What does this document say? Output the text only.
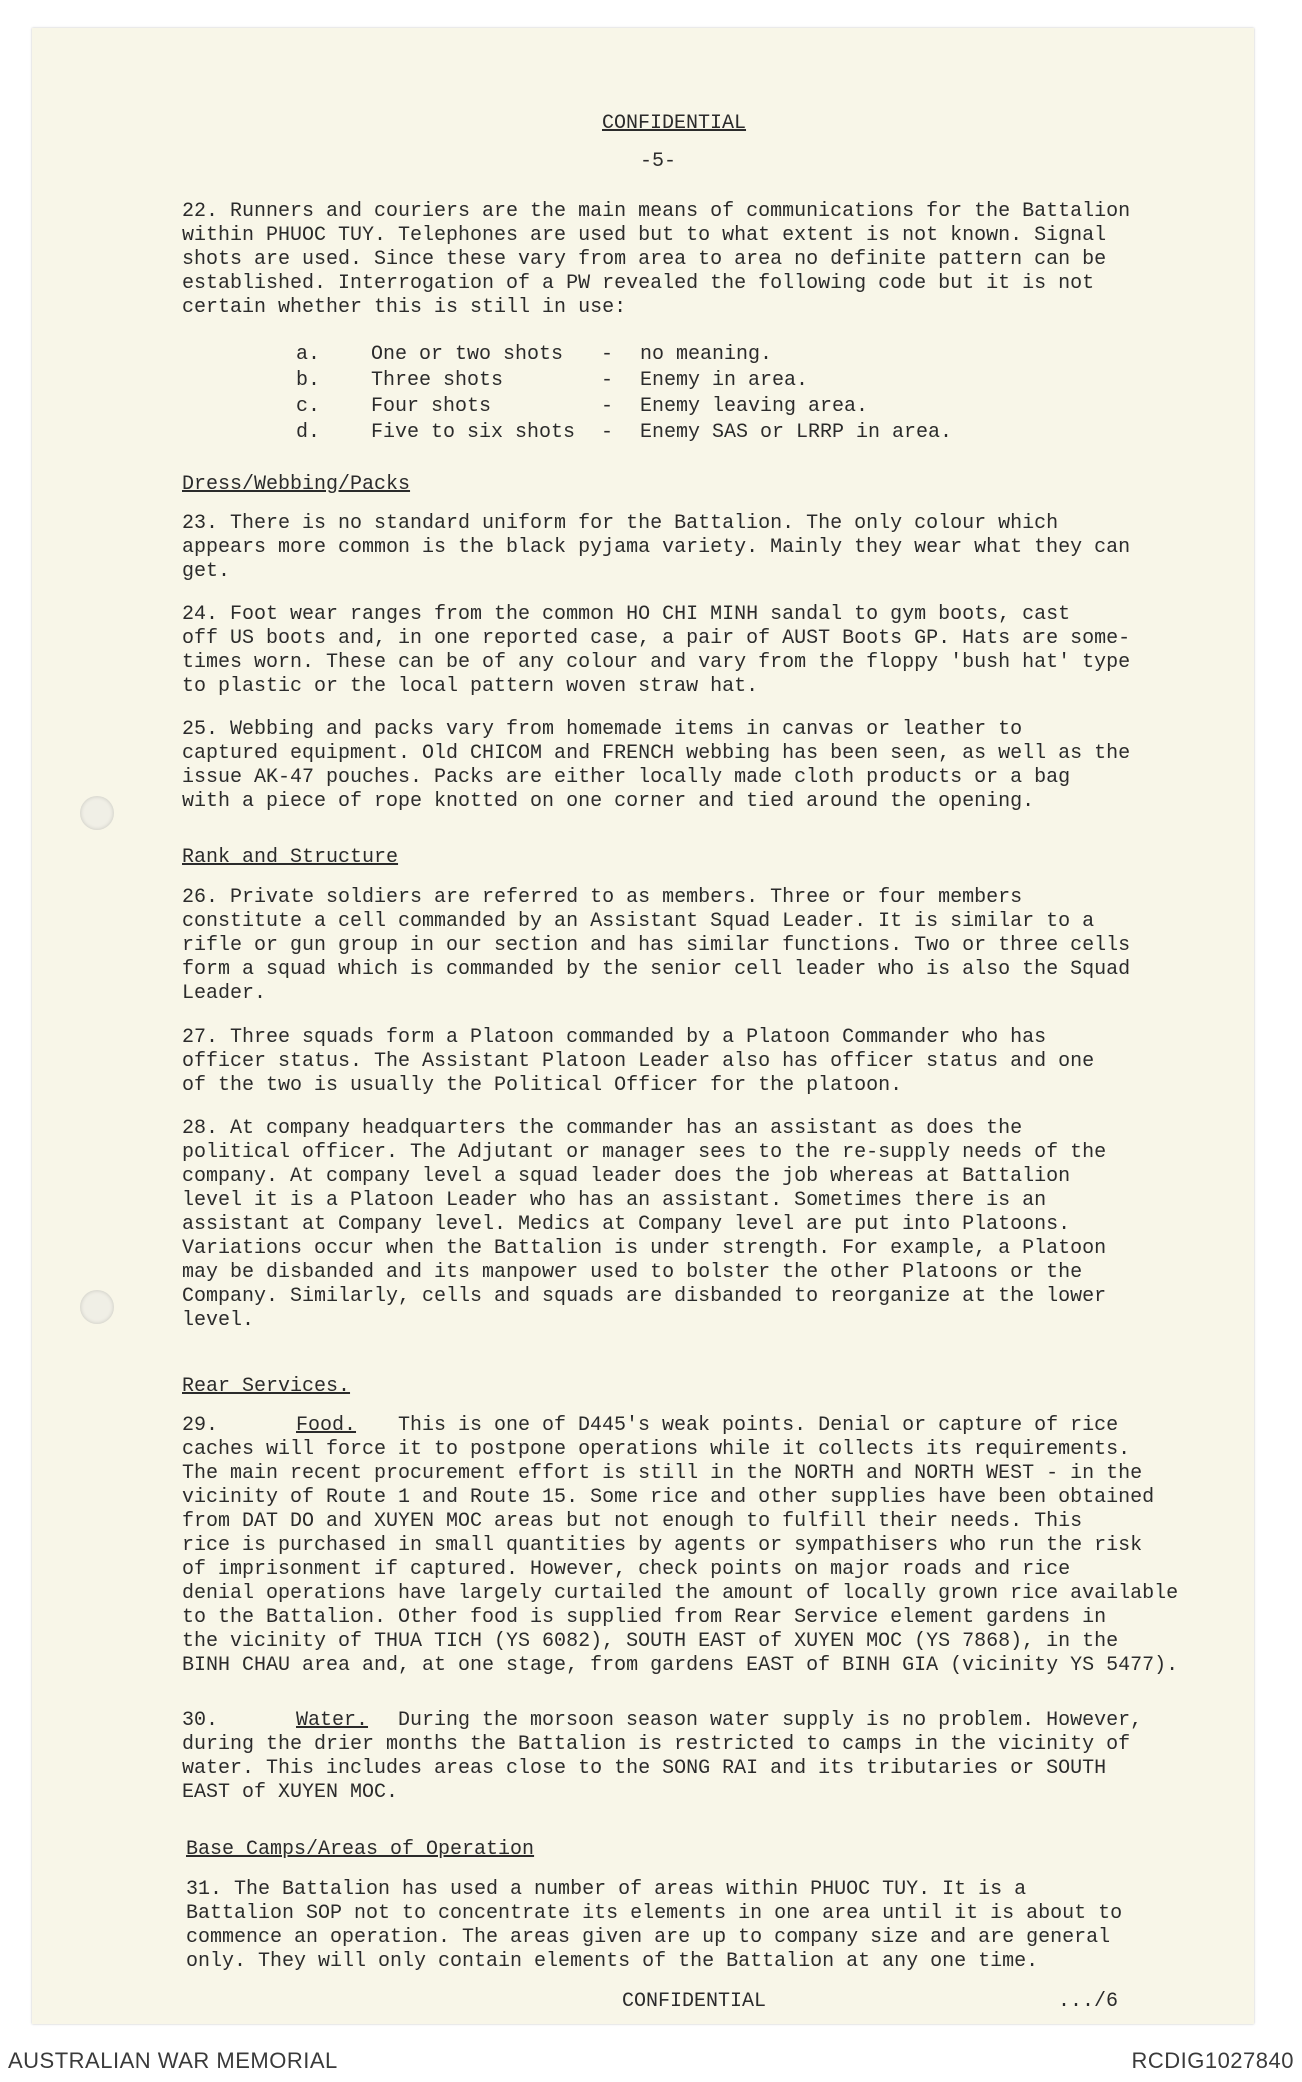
CONFIDENTIAL
-5-

22. Runners and couriers are the main means of communications for the Battalion
within PHUOC TUY. Telephones are used but to what extent is not known. Signal
shots are used. Since these vary from area to area no definite pattern can be
established. Interrogation of a PW revealed the following code but it is not
certain whether this is still in use:

a.	One or two shots - no meaning.
b.	Three shots	- Enemy in area.
c.	Four shots	- Enemy leaving area.
d.	Five to six shots - Enemy SAS or LRRP in area.
Dress/Webbing/Packs

23. There is no standard uniform for the Battalion. The only colour which
appears more common is the black pyjama variety. Mainly they wear what they can
get.

24. Foot wear ranges from the common HO CHI MINH sandal to gym boots, cast
off US boots and, in one reported case, a pair of AUST Boots GP. Hats are some-
times worn. These can be of any colour and vary from the floppy 'bush hat' type
to plastic or the local pattern woven straw hat.

25. Webbing and packs vary from homemade items in canvas or leather to
captured equipment. Old CHICOM and FRENCH webbing has been seen, as well as the
issue AK-47 pouches. Packs are either locally made cloth products or a bag
with a piece of rope knotted on one corner and tied around the opening.

Rank and Structure

26. Private soldiers are referred to as members. Three or four members
constitute a cell commanded by an Assistant Squad Leader. It is similar to a
rifle or gun group in our section and has similar functions. Two or three cells
form a squad which is commanded by the senior cell leader who is also the Squad
Leader.

27. Three squads form a Platoon commanded by a Platoon Commander who has
officer status. The Assistant Platoon Leader also has officer status and one
of the two is usually the Political Officer for the platoon.

28. At company headquarters the commander has an assistant as does the
political officer. The Adjutant or manager sees to the re-supply needs of the
company. At company level a squad leader does the job whereas at Battalion
level it is a Platoon Leader who has an assistant. Sometimes there is an
assistant at Company level. Medics at Company level are put into Platoons.
Variations occur when the Battalion is under strength. For example, a Platoon
may be disbanded and its manpower used to bolster the other Platoons or the
Company. Similarly, cells and squads are disbanded to reorganize at the lower
level.

Rear Services.
29.	Food.	This is one of D445's weak points. Denial or capture of rice
caches will force it to postpone operations while it collects its requirements.
The main recent procurement effort is still in the NORTH and NORTH WEST - in the
vicinity of Route 1 and Route 15. Some rice and other supplies have been obtained
from DAT DO and XUYEN MOC areas but not enough to fulfill their needs. This
rice is purchased in small quantities by agents or sympathisers who run the risk
of imprisonment if captured. However, check points on major roads and rice
denial operations have largely curtailed the amount of locally grown rice available
to the Battalion. Other food is supplied from Rear Service element gardens in
the vicinity of THUA TICH (YS 6082), SOUTH EAST of XUYEN MOC (YS 7868), in the
BINH CHAU area and, at one stage, from gardens EAST of BINH GIA (vicinity YS 5477).

30.	Water.	During the morsoon season water supply is no problem. However,
during the drier months the Battalion is restricted to camps in the vicinity of
water. This includes areas close to the SONG RAI and its tributaries or SOUTH
EAST of XUYEN MOC.

Base Camps/Areas of Operation

31. The Battalion has used a number of areas within PHUOC TUY. It is a
Battalion SOP not to concentrate its elements in one area until it is about to
commence an operation. The areas given are up to company size and are general
only. They will only contain elements of the Battalion at any one time.

CONFIDENTIAL	.../6
AUSTRALIAN WAR MEMORIAL	RCDIG1027840
